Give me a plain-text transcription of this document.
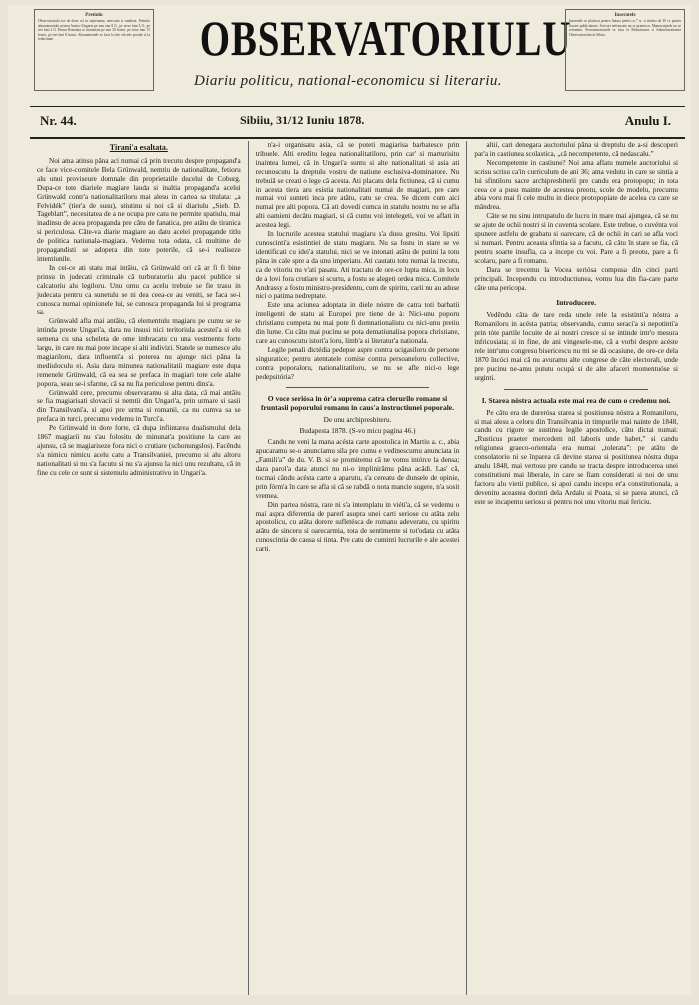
Pretiulu
Observatoriulu ese de doue ori in septemana, mercuria si sambata. Pretiulu abonamentului pentru Austro-Ungaria pe unu anu 8 fl., pe siese luni 4 fl., pe trei luni 2 fl. Pentru Romania si strainetate pe anu 30 franci, pe siese luni 15 franci, pe trei luni 8 franci. Abonamentele se facu la tóte oficiele postale si la redactiune.	OBSERVATORIULU
Diariu politicu, national-economicu si literariu.
Inseratele
Inseratele se platescu pentru liniuta petitu cu 7 cr. si timbru de 30 cr. pentru fiacare publicatiune. Scrisori nefrancate nu se primescu. Manuscriptele nu se retramitu. Prenumeratiunile se facu la Redactiunea si Administratiunea Observatoriului in Sibiiu.
Nr. 44.	Sibiiu, 31/12 Iuniu 1878.	Anulu I.
Tirani'a esaltata.

Noi ama atinsu pâna aci numai câ prin trecutu despre propagand'a ce face vice-comitele Bela Grünwald, nemtiu de nationalitate, fetioru alu unui proviseure domnale din proprietatile ducelui de Coburg. Dupa-ce tote diariele magiare lauda si inaltia propagand'a acelui Grünwald contr'a nationalitatiloru mai alesu in cartea sa titulata: „a Felvidék” (tier'a de susu), stiutinu si noi câ si diariulu „Sieb. D. Tageblatt”, necesitatea de a ne ocupa pre catu ne permite spatiulu, mai inadinsu de acea propaganda pre câtu de fanatica, pre atâtu de tiranica si periculosa. Câte-va diarie magiare au datu acelei propagande titlu de politica natiunala-magiara. Vedemu tota odata, câ multime de propagandisti se adopera din tote poterile, câ se-i realiseze intentiunile.

In cei-ce ati statu mai intâiu, câ Grünwald ori câ ar fi fi bine prinsu in judecati criminale câ turburatoriu alu pacei publice si calcatoriu alu legiloru. Unu omu ca acelu trebuie se fie trasu in judecata pentru ca sunetulu se ni dea ceea-ce au veniti, se faca se-i cunosca numai opinionele lui, se cunosca propaganda lui si programa sa.

Grünwald afla mai antâiu, câ elementulu magiaru pe cumu se se intinda preste Ungari'a, dara nu insusi nici teritoriula acestei'a si elu semena cu una scheleta de ome imbracatu cu una vestmentu forte largu, in care nu mai pote incape si alti indivizi. Statele se numesce alu magiariloru, dara influenti'a si poterea nu ajunge nici pâna la mediuloculu ei. Asia dara minunea nationalitatii magiare este dupa remenele Grünwald, câ ea sea se prefaca in magiari tote cele alalte popora, seau se-i sfarme, câ sa nu fia periculose pentru dins'a.

Grünwald cere, precumu observaramu si alta data, câ mai antâiu se fia magiarisati slovacii si nemtii din Ungari'a, prin urmare si sasii din Transilvani'a, si apoi pre urma si romanii, ca nu cumva sa se prefaca in turci, precumu vedemu in Turci'a.

Pe Grünwald in dore forte, câ dupa infiintarea dualismului dela 1867 magiarii nu s'au folositu de minunat'a positiune la care au ajunsu, câ se magiariseze fora nici o crutiare (schonungslos). Facêndu s'a nimicu nimicu acelu catu a Transilvaniei, precumu si alu altoru nationalitati si nu s'a facutu si nu s'a ajunsu la nici unu rezultatu, câ in fine cu cele ce sunt si sistemulu administrativu in Ungari'a.

n'a-i organisatu asia, câ se poteti magiarisa barbatesce prin tribuele. Alti ereditu legea nationalitatiloru, prin car' si marturisitu inaintea lumei, câ in Ungari'a suntu si alte nationalitati si asia ati recunoscutu la dreptulu vostru de natiune esclusiva-dominatore. Nu trebuiâ se creati o lege câ acesta. Ati placatu dela fictiunea, câ si cumu in acesta tiera aru esistia nationalitati numai de magiari, pre care numai voi sunteti inca pre atâtu, catu se crea. Se dicem cum aici numai pre alti popora. Câ ati dovedi cumca in statulu nostru nu se afla alti oamieni decâtu magiari, si câ cumu voi intelegeti, voi ve aflati in acestea legi.

In lucrurile acestea statului magiaru s'a dusu gresitu. Voi lipsiti cunoscinti'a esistintiei de statu magiaru. Nu sa fostu in stare se ve identificati cu idei'a statului, nici se ve intonati atâtu de putini la totu pâna in cale spre a da unu imperiatu. Ati cautatu totu numai la trecutu, ca de vitoriu nu v'ati pasatu. Ati tractatu de ore-ce lupta mica, in locu de a lovi fora crutiare si scurtu, a fostu se alegeti ordea mica. Comitele Andrassy a fostu ministru-presidentu, cum de spiritu, carii nu au aduse nici o patima nedreptate.

Este una aciunea adoptata in diele nóstre de catra toti barbatii inteligenti de statu ai Europei pre tiene de à: Nici-unu poporu christianu competa nu mai pote fi domnationalistu cu nici-unu pretiu din lume. Cu câtu mai pucinu se pota dematiunalisa popora christiane, care au cunoscutu istori'a loru, limb'a si literatur'a nationala.

Legile penali dictédia pedepse aspre contra ucigasiloru de persone singuratice; pentru atentatele comise contra persoaneloru collective, contra poporaloru, nationalitatiloru, se nu se afle nici-o lege pedepsitória?

O voce seriósa in ór'a suprema catra clerurilo romane si fruntasii poporului romanu in caus'a instructiunei poporale.

De unu archipresbiteru.

Budapesta 1878. (S-vo micu pagina 46.)

Candu ne veni la mana acésta carte apostolica in Martiu a. c., abia apucaramu se-o anunciamu sila pre cumu e vedinescumu anunciata in „Famili'a” de du. V. B. si se promitemu câ ne vomu intórce la densa; dara parol'a data atunci nu ni-o implinirâmu pâna acâdi. Las' câ, tocmai cându acésta carte a aparutu, s'a cereatu de dunsele de opinie, prin fórm'a în care se afla si câ se rabdă o nota mancie sugere, n'a sosit vremea.

Din partea nóstra, rare ni s'a intemplatu in viéti'a, câ se vedemu o mai aspra diferentia de parerî asupra unei carti seriose cu atâta zelu apostolicu, cu atâta dorere sufletésca de romanu adeveratu, cu spiritu atâtu de sinceru si oarecarmia, tota de sentimente si tot'odata cu atâta cunoscintia de causa si tinta. Pre catu de cuminti lucrurile e ale acestei carti.

altii, cari denegara auctoriului pâna si dreptulu de a-si descoperi par'a in castiunea scolastica, „câ necompetente, câ nedascalu.”

Necompetente in castiune? Noi ama aflatu numele auctoriului si scrisu scrisu ca'in curriculum de ani 36; ama vedutu in care se sintia a lui sfintiloru sacre archipresbiterii pre candu era protopopu; in tota ceea ce a pusu mainte de acestea preotu, scole de modelu, precumu abia voru mai fi cele multu in diece protopopiate de acelea cu care se mândrea.

Câte se nu sinu intrupatulu de lucru in mare mai ajungea, câ se nu se ajute de ochii nostri si in cuventa scolare. Este trebue, o cuvénta voi spunere astfelu de grabatu si oarecare, câ de ochii in cari se afla voci si numari. Pentru aceasta sfintia sa a facutu, câ câtu în stare se fia, câ pentru soarte insufla, ca a incepe cu voi. Pare a fi preotu, pare a fi scolaru, pare a fi romanu.

Dara se trecemu la Vocea seriósa compusa din cinci parti principali. Incependu cu introductiunea, vomu lua din fia-care parte câte una pericopa.

Introducere.

Vedêndu câta de tare reda unele rele la esistinti'a nóstra a Romaniloru in acésta patria; observandu, cumu seraci'a si nepotinti'a prin tóte partile locuite de ai nostri cresce si se intinde intr'o mesura infricosiata; si in fine, de ani vingesele-me, câ a vorbi despre acéste rele intr'unu congresu bisericescu nu mi se dà ocasiune, de ore-ce dela 1870 încóci mai câ nu avuramu alte congrese de câte electorali, unde pre pucinu ne-amu pututu ocupá si de alte afaceri momentuóse si urginti.

I. Starea nóstra actuala este mai rea de cum o credemu noi.

Pe câtu era de durerósa starea si positiunea nóstra a Romaniloru, si mai alesu a celoru din Transilvania in timpurile mai nainte de 1848, candu cu rigore se sustinea legile apostolice, câtu dictai numai: „Rusticus praeter mercedem nil laborís unde habet,” si candu religiunea graeco-orientala era numai „tolerata”: pe atâtu de consolatoriu ni se înparea câ devine starea si positiunea nóstra dupa anulu 1848, mai vertosu pre candu se tracta despre introducerea unei constitutiuni mai liberale, in care se fiam considerati si noi de unu factoru alu vietii publice, si apoi candu incepu er'a constitutionala, a devenitu aceastea dorinti dela Ardalu si Poata, si se parea atunci, câ este se incapemu seriosu si pentru noi unu vitoriu mai fericiu.
